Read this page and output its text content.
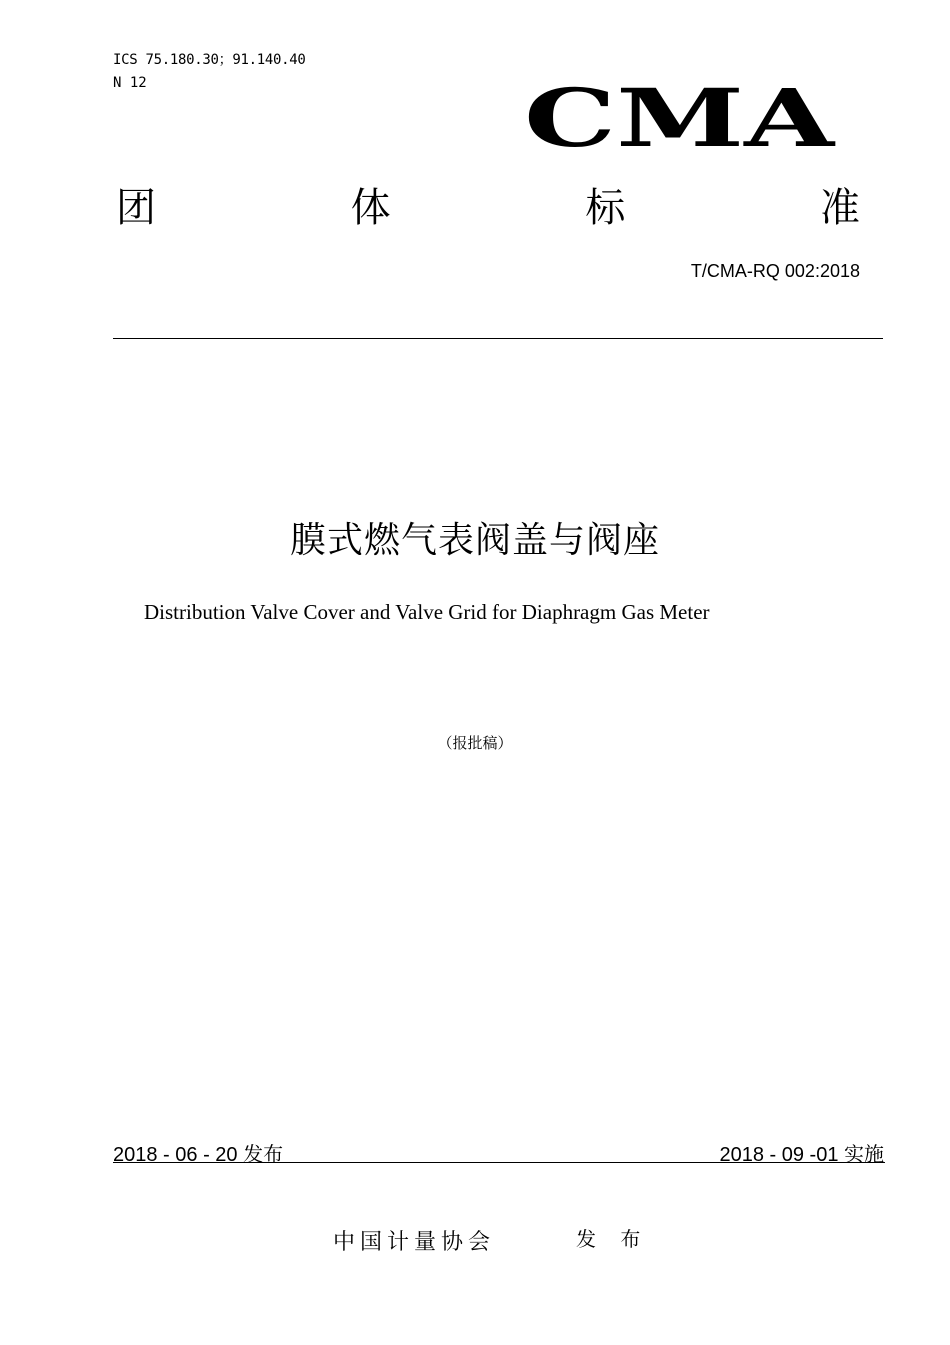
ICS 75.180.30；91.140.40
N 12	CMA
团	体	标	准
T/CMA-RQ 002:2018
膜式燃气表阀盖与阀座
Distribution Valve Cover and Valve Grid for Diaphragm Gas Meter
（报批稿）
2018 - 06 - 20 发布	2018 - 09 -01 实施
中国计量协会	发 布
